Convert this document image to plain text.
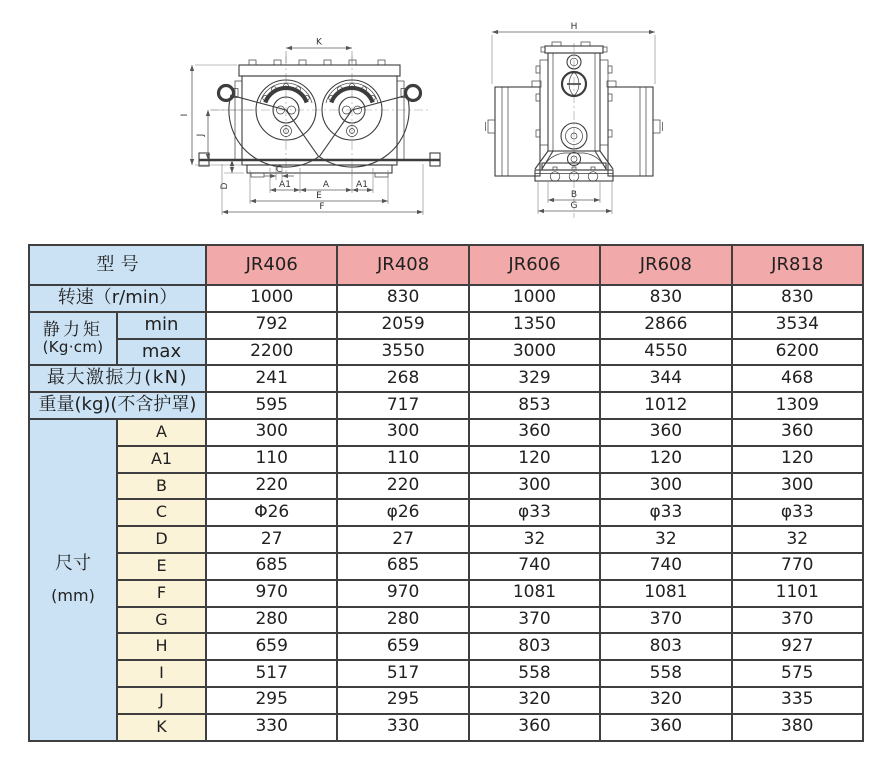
K
I
J
D
C
A1	A	A1
E
F
H
B
G
型号		JR406	JR408	JR606	JR608	JR818
转速（r/min）		1000	830	1000	830	830

静力矩
(Kg·cm)	min	792	2059	1350	2866	3534
	max	2200	3550	3000	4550	6200
最大激振力(kN)		241	268	329	344	468
重量(kg)(不含护罩)		595	717	853	1012	1309

尺寸
(mm)	A	300	300	360	360	360
	A1	110	110	120	120	120
	B	220	220	300	300	300
	C	Φ26	φ26	φ33	φ33	φ33
	D	27	27	32	32	32
	E	685	685	740	740	770
	F	970	970	1081	1081	1101
	G	280	280	370	370	370
	H	659	659	803	803	927
	I	517	517	558	558	575
	J	295	295	320	320	335
	K	330	330	360	360	380
